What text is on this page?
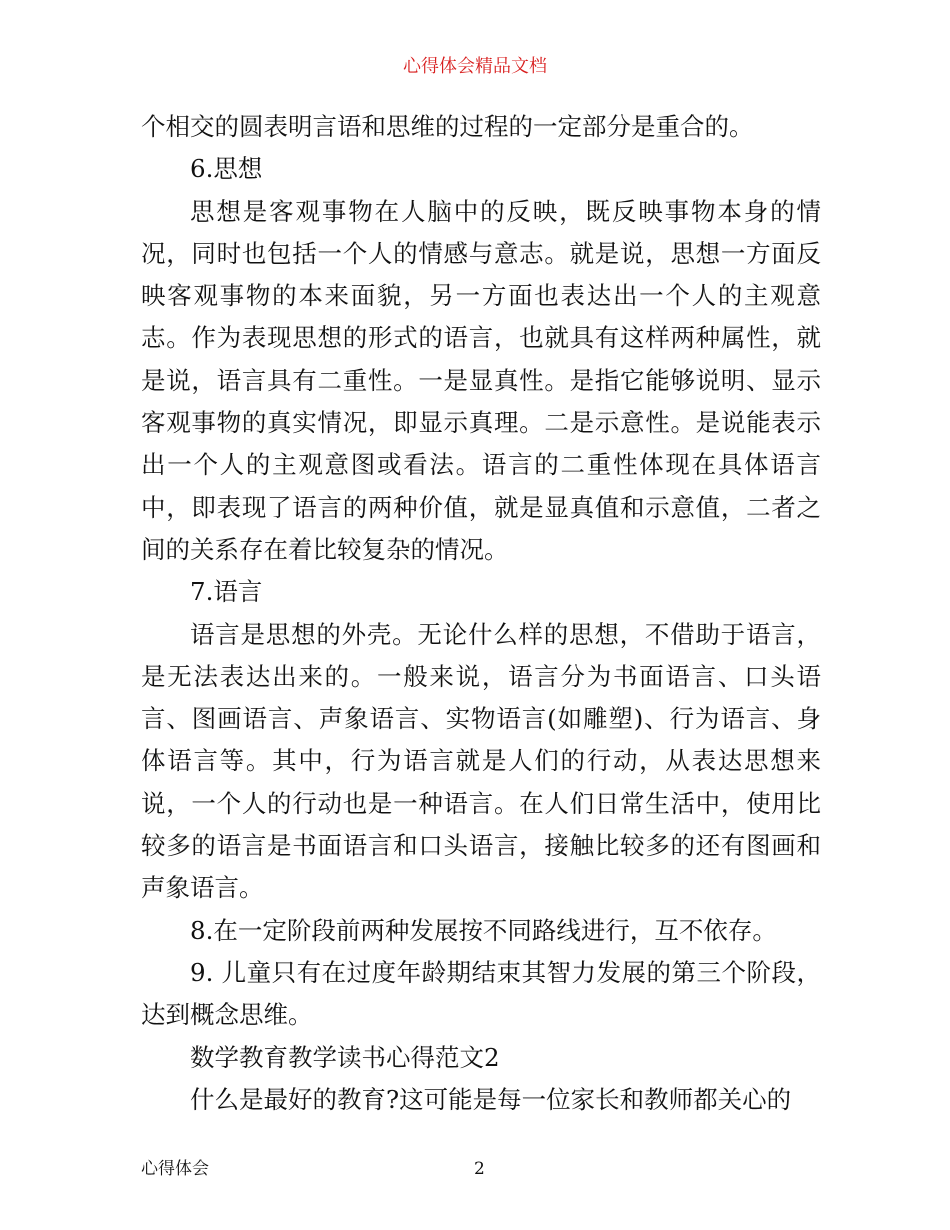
心得体会精品文档

个相交的圆表明言语和思维的过程的一定部分是重合的。

6.思想

思想是客观事物在人脑中的反映，既反映事物本身的情况，同时也包括一个人的情感与意志。就是说，思想一方面反映客观事物的本来面貌，另一方面也表达出一个人的主观意志。作为表现思想的形式的语言，也就具有这样两种属性，就是说，语言具有二重性。一是显真性。是指它能够说明、显示客观事物的真实情况，即显示真理。二是示意性。是说能表示出一个人的主观意图或看法。语言的二重性体现在具体语言中，即表现了语言的两种价值，就是显真值和示意值，二者之间的关系存在着比较复杂的情况。

7.语言

语言是思想的外壳。无论什么样的思想，不借助于语言，是无法表达出来的。一般来说，语言分为书面语言、口头语言、图画语言、声象语言、实物语言(如雕塑)、行为语言、身体语言等。其中，行为语言就是人们的行动，从表达思想来说，一个人的行动也是一种语言。在人们日常生活中，使用比较多的语言是书面语言和口头语言，接触比较多的还有图画和声象语言。

8.在一定阶段前两种发展按不同路线进行，互不依存。

9. 儿童只有在过度年龄期结束其智力发展的第三个阶段，达到概念思维。

数学教育教学读书心得范文2

什么是最好的教育?这可能是每一位家长和教师都关心的

心得体会	2
